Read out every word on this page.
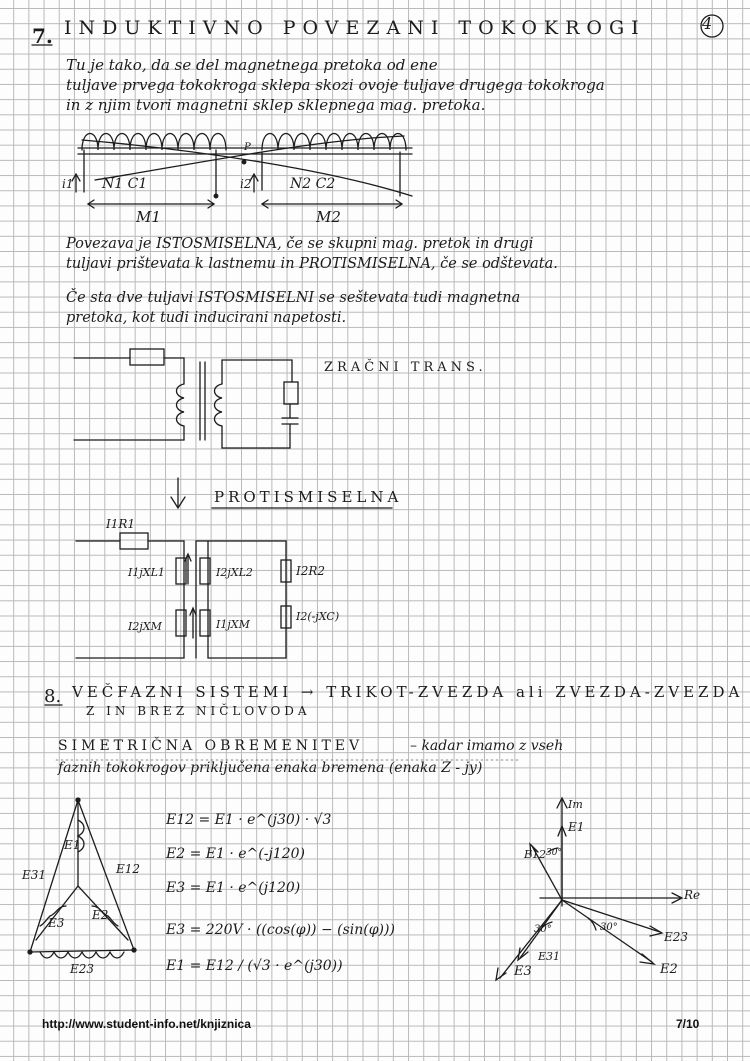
4
7. INDUKTIVNO POVEZANI TOKOKROGI
Tu je tako, da se del magnetnega pretoka od ene
tuljave prvega tokokroga sklepa skozi ovoje tuljave drugega tokokroga
in z njim tvori magnetni sklep sklepnega mag. pretoka.
i1 N1 C1
M1
i2	N2 C2
M2
P
Povezava je ISTOSMISELNA, če se skupni mag. pretok in drugi
tuljavi prištevata k lastnemu in PROTISMISELNA, če se odštevata.
Če sta dve tuljavi ISTOSMISELNI se seštevata tudi magnetna
pretoka, kot tudi inducirani napetosti.
ZRAČNI TRANS.
PROTISMISELNA
I1R1
I1jXL1	I2jXL2	I2R2
I2jXM	I1jXM
I2(-jXC)
8. VEČFAZNI SISTEMI → TRIKOT-ZVEZDA ali ZVEZDA-ZVEZDA
Z IN BREZ NIČLOVODA
SIMETRIČNA OBREMENITEV	– kadar imamo z vseh
faznih tokokrogov priključena enaka bremena (enaka Z - jy)
E1
E12
E31
E3
E2
E23
E12 = E1 · e^(j30) · √3
E2 = E1 · e^(-j120)
E3 = E1 · e^(j120)
E3 = 220V · ((cos(φ)) − (sin(φ)))
E1 = E12 / (√3 · e^(j30))
Im
Re
E1
E12
E23
E2
E3
E31
30°	30°
30°
http://www.student-info.net/knjiznica	7/10
